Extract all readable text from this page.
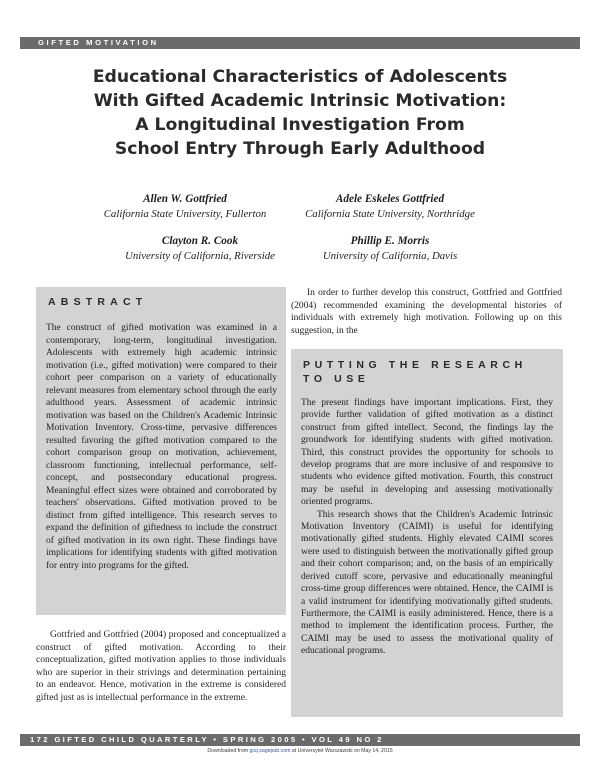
GIFTED MOTIVATION
Educational Characteristics of Adolescents
With Gifted Academic Intrinsic Motivation:
A Longitudinal Investigation From
School Entry Through Early Adulthood
Allen W. Gottfried
California State University, Fullerton
Adele Eskeles Gottfried
California State University, Northridge
Clayton R. Cook
University of California, Riverside
Phillip E. Morris
University of California, Davis
ABSTRACT
The construct of gifted motivation was examined in a contemporary, long-term, longitudinal investigation. Adolescents with extremely high academic intrinsic motivation (i.e., gifted motivation) were compared to their cohort peer comparison on a variety of educationally relevant measures from elementary school through the early adulthood years. Assessment of academic intrinsic motivation was based on the Children's Academic Intrinsic Motivation Inventory. Cross-time, pervasive differences resulted favoring the gifted motivation compared to the cohort comparison group on motivation, achievement, classroom functioning, intellectual performance, self-concept, and postsecondary educational progress. Meaningful effect sizes were obtained and corroborated by teachers' observations. Gifted motivation proved to be distinct from gifted intelligence. This research serves to expand the definition of giftedness to include the construct of gifted motivation in its own right. These findings have implications for identifying students with gifted motivation for entry into programs for the gifted.
Gottfried and Gottfried (2004) proposed and conceptualized a construct of gifted motivation. According to their conceptualization, gifted motivation applies to those individuals who are superior in their strivings and determination pertaining to an endeavor. Hence, motivation in the extreme is considered gifted just as is intellectual performance in the extreme.
In order to further develop this construct, Gottfried and Gottfried (2004) recommended examining the developmental histories of individuals with extremely high motivation. Following up on this suggestion, in the
PUTTING THE RESEARCH TO USE

The present findings have important implications. First, they provide further validation of gifted motivation as a distinct construct from gifted intellect. Second, the findings lay the groundwork for identifying students with gifted motivation. Third, this construct provides the opportunity for schools to develop programs that are more inclusive of and responsive to students who evidence gifted motivation. Fourth, this construct may be useful in developing and assessing motivationally oriented programs.

This research shows that the Children's Academic Intrinsic Motivation Inventory (CAIMI) is useful for identifying motivationally gifted students. Highly elevated CAIMI scores were used to distinguish between the motivationally gifted group and their cohort comparison; and, on the basis of an empirically derived cutoff score, pervasive and educationally meaningful cross-time group differences were obtained. Hence, the CAIMI is a valid instrument for identifying motivationally gifted students. Furthermore, the CAIMI is easily administered. Hence, there is a method to implement the identification process. Further, the CAIMI may be used to assess the motivational quality of educational programs.

172 GIFTED CHILD QUARTERLY • SPRING 2005 • VOL 49 NO 2
Downloaded from gcq.sagepub.com at Universytet Warszawski on May 14, 2015
